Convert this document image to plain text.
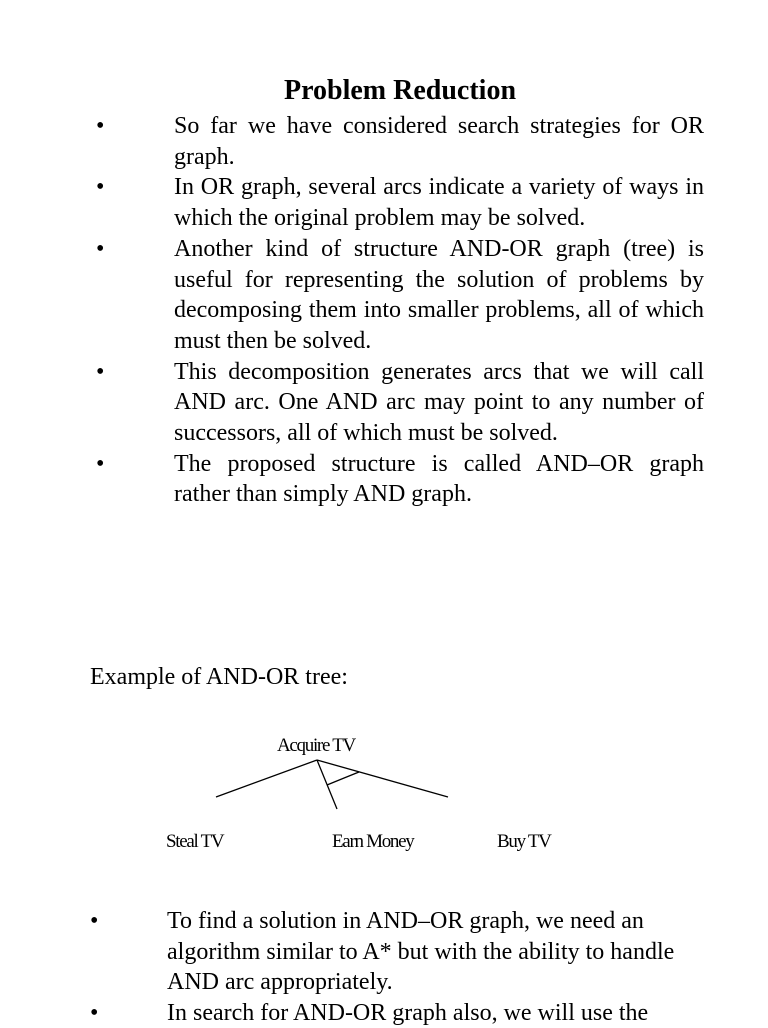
Problem Reduction
•	So far we have considered search strategies for OR graph.
•	In OR graph, several arcs indicate a variety of ways in which the original problem may be solved.
•	Another kind of structure AND-OR graph (tree) is useful for representing the solution of problems by decomposing them into smaller problems, all of which must then be solved.
•	This decomposition generates arcs that we will call AND arc. One AND arc may point to any number of successors, all of which must be solved.
•	The proposed structure is called AND–OR graph rather than simply AND graph.
Example of AND-OR tree:
Acquire TV
Steal TV	Earn Money	Buy TV
•	To find a solution in AND–OR graph, we need an algorithm similar to A* but with the ability to handle AND arc appropriately.
•	In search for AND-OR graph also, we will use the
